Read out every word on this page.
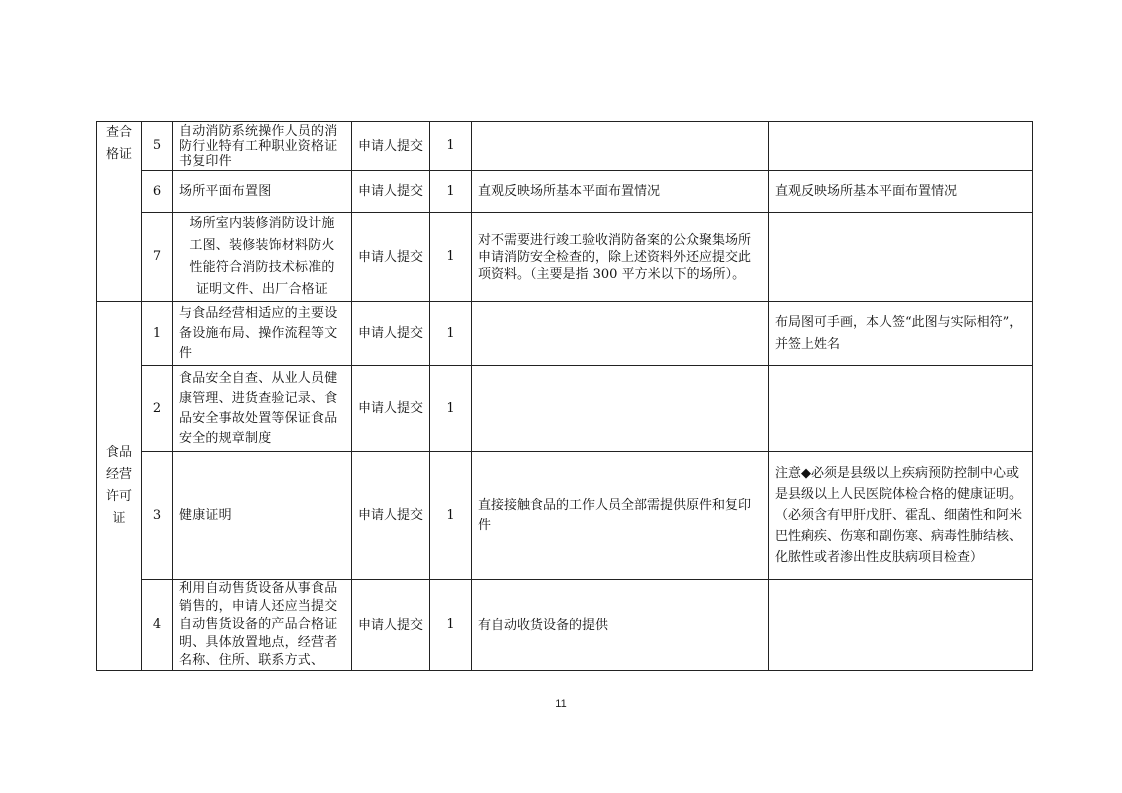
查合格证	5	自动消防系统操作人员的消防行业特有工种职业资格证书复印件	申请人提交	1		
	6	场所平面布置图	申请人提交	1	直观反映场所基本平面布置情况	直观反映场所基本平面布置情况
	7	场所室内装修消防设计施工图、装修装饰材料防火性能符合消防技术标准的证明文件、出厂合格证	申请人提交	1	对不需要进行竣工验收消防备案的公众聚集场所申请消防安全检查的，除上述资料外还应提交此项资料。（主要是指 300 平方米以下的场所）。	
食品经营许可证	1	与食品经营相适应的主要设备设施布局、操作流程等文件	申请人提交	1		布局图可手画，本人签“此图与实际相符”，并签上姓名
	2	食品安全自查、从业人员健康管理、进货查验记录、食品安全事故处置等保证食品安全的规章制度	申请人提交	1		
	3	健康证明	申请人提交	1	直接接触食品的工作人员全部需提供原件和复印件	注意◆必须是县级以上疾病预防控制中心或是县级以上人民医院体检合格的健康证明。（必须含有甲肝戊肝、霍乱、细菌性和阿米巴性痢疾、伤寒和副伤寒、病毒性肺结核、化脓性或者渗出性皮肤病项目检查）
	4	利用自动售货设备从事食品销售的，申请人还应当提交自动售货设备的产品合格证明、具体放置地点，经营者名称、住所、联系方式、	申请人提交	1	有自动收货设备的提供	
11
